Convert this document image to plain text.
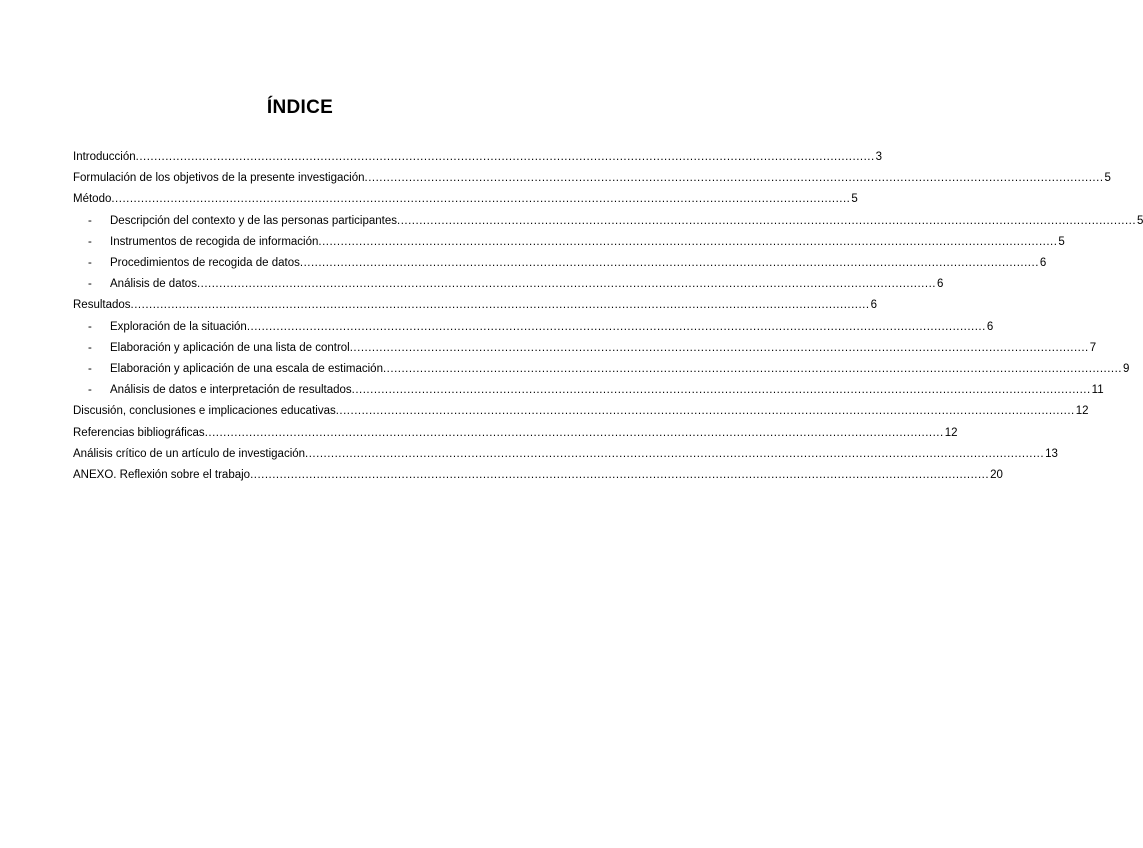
ÍNDICE
Introducción ........................................................................................................................................................................................................ 3
Formulación de los objetivos de la presente investigación ........................................................................................................................................................................................................ 5
Método ........................................................................................................................................................................................................ 5
-	Descripción del contexto y de las personas participantes ........................................................................................................................................................................................................ 5
-	Instrumentos de recogida de información ........................................................................................................................................................................................................ 5
-	Procedimientos de recogida de datos ........................................................................................................................................................................................................ 6
-	Análisis de datos ........................................................................................................................................................................................................ 6
Resultados ........................................................................................................................................................................................................ 6
-	Exploración de la situación ........................................................................................................................................................................................................ 6
-	Elaboración y aplicación de una lista de control ........................................................................................................................................................................................................ 7
-	Elaboración y aplicación de una escala de estimación ........................................................................................................................................................................................................ 9
-	Análisis de datos e interpretación de resultados ........................................................................................................................................................................................................ 11
Discusión, conclusiones e implicaciones educativas ........................................................................................................................................................................................................ 12
Referencias bibliográficas ........................................................................................................................................................................................................ 12
Análisis crítico de un artículo de investigación ........................................................................................................................................................................................................ 13
ANEXO. Reflexión sobre el trabajo ........................................................................................................................................................................................................ 20
